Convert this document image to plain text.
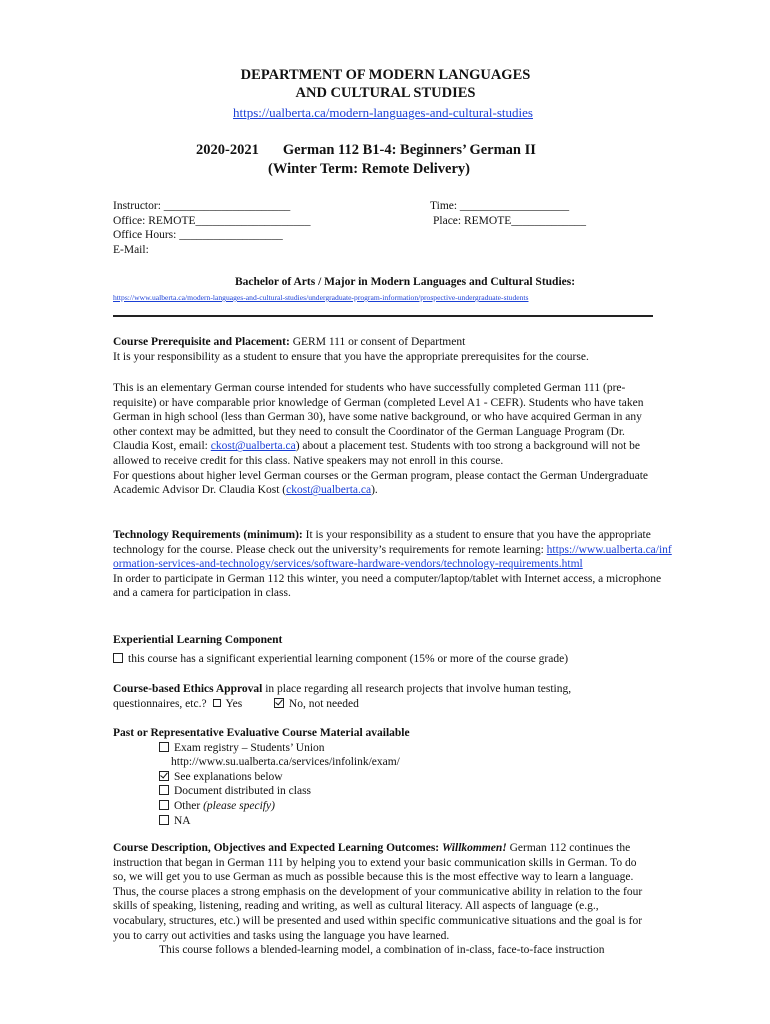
DEPARTMENT OF MODERN LANGUAGES
AND CULTURAL STUDIES
https://ualberta.ca/modern-languages-and-cultural-studies
2020-2021 German 112 B1-4: Beginners’ German II
(Winter Term: Remote Delivery)
Instructor: ______________________
Office: REMOTE____________________
Office Hours: __________________
E-Mail:
Time: ___________________
Place: REMOTE_____________
Bachelor of Arts / Major in Modern Languages and Cultural Studies:
https://www.ualberta.ca/modern-languages-and-cultural-studies/undergraduate-program-information/prospective-undergraduate-students
Course Prerequisite and Placement: GERM 111 or consent of Department
It is your responsibility as a student to ensure that you have the appropriate prerequisites for the course.
This is an elementary German course intended for students who have successfully completed German 111 (pre-requisite) or have comparable prior knowledge of German (completed Level A1 - CEFR). Students who have taken German in high school (less than German 30), have some native background, or who have acquired German in any other context may be admitted, but they need to consult the Coordinator of the German Language Program (Dr. Claudia Kost, email: ckost@ualberta.ca) about a placement test. Students with too strong a background will not be allowed to receive credit for this class. Native speakers may not enroll in this course.
For questions about higher level German courses or the German program, please contact the German Undergraduate Academic Advisor Dr. Claudia Kost (ckost@ualberta.ca).
Technology Requirements (minimum): It is your responsibility as a student to ensure that you have the appropriate technology for the course. Please check out the university’s requirements for remote learning: https://www.ualberta.ca/information-services-and-technology/services/software-hardware-vendors/technology-requirements.html
In order to participate in German 112 this winter, you need a computer/laptop/tablet with Internet access, a microphone and a camera for participation in class.
Experiential Learning Component
this course has a significant experiential learning component (15% or more of the course grade)
Course-based Ethics Approval in place regarding all research projects that involve human testing,
questionnaires, etc.? Yes	No, not needed
Past or Representative Evaluative Course Material available
Exam registry – Students’ Union
http://www.su.ualberta.ca/services/infolink/exam/
See explanations below
Document distributed in class
Other (please specify)
NA
Course Description, Objectives and Expected Learning Outcomes: Willkommen! German 112 continues the instruction that began in German 111 by helping you to extend your basic communication skills in German. To do so, we will get you to use German as much as possible because this is the most effective way to learn a language. Thus, the course places a strong emphasis on the development of your communicative ability in relation to the four skills of speaking, listening, reading and writing, as well as cultural literacy. All aspects of language (e.g., vocabulary, structures, etc.) will be presented and used within specific communicative situations and the goal is for you to carry out activities and tasks using the language you have learned.
This course follows a blended-learning model, a combination of in-class, face-to-face instruction
